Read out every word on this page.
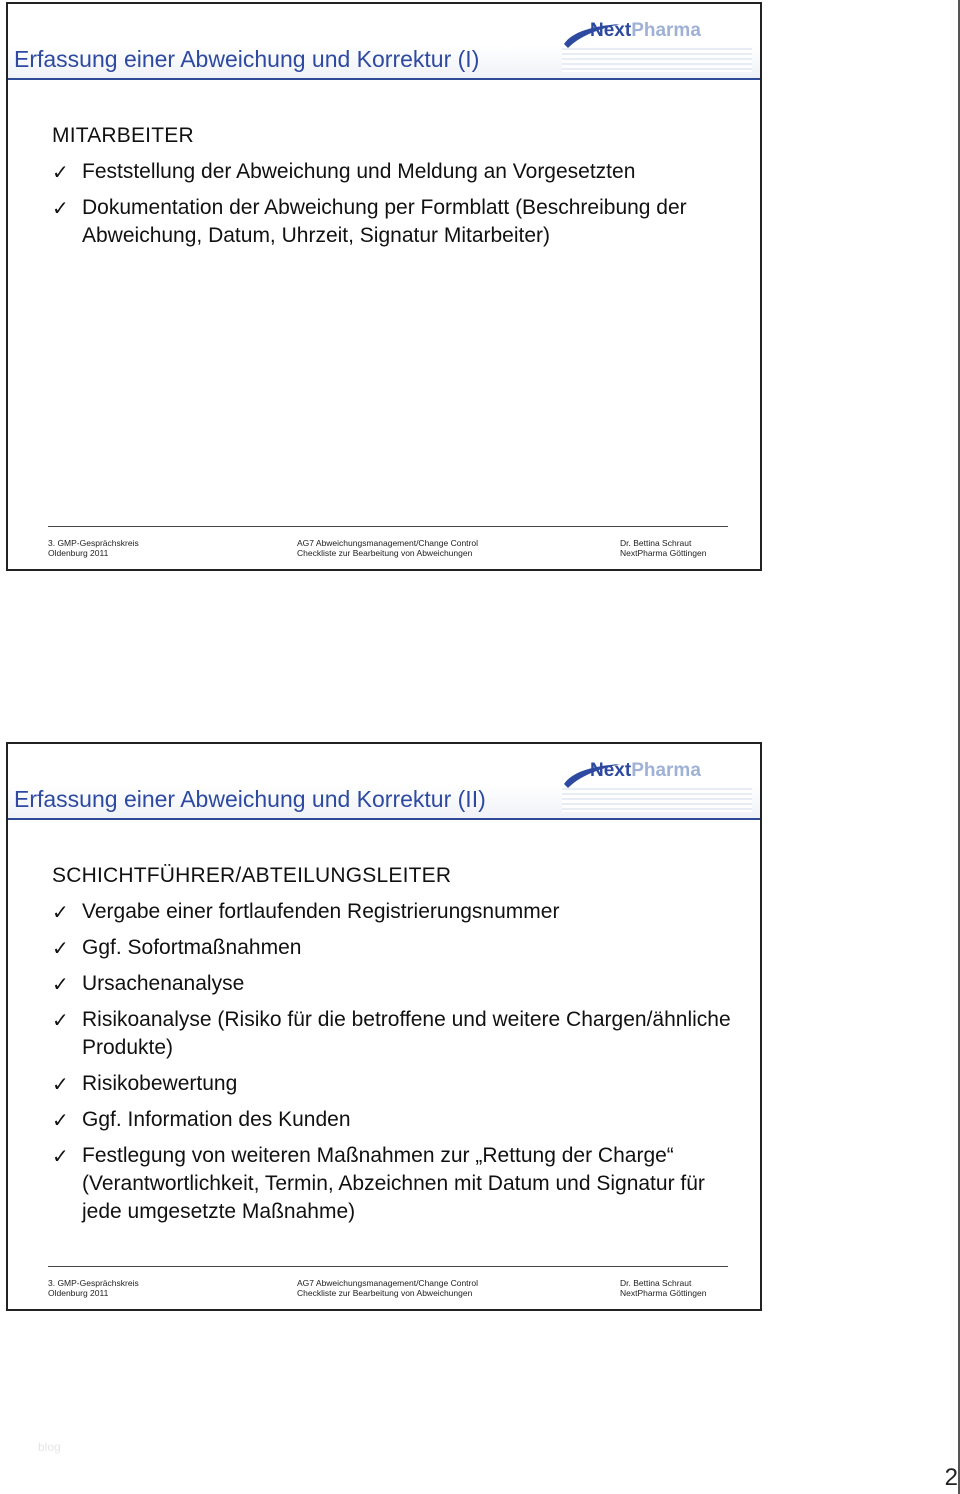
Erfassung einer Abweichung und Korrektur (I)
NextPharma
MITARBEITER
✓ Feststellung der Abweichung und Meldung an Vorgesetzten
✓ Dokumentation der Abweichung per Formblatt (Beschreibung der Abweichung, Datum, Uhrzeit, Signatur Mitarbeiter)
3. GMP-Gesprächskreis
Oldenburg 2011
AG7 Abweichungsmanagement/Change Control
Checkliste zur Bearbeitung von Abweichungen
Dr. Bettina Schraut
NextPharma Göttingen
Erfassung einer Abweichung und Korrektur (II)
NextPharma
SCHICHTFÜHRER/ABTEILUNGSLEITER
✓ Vergabe einer fortlaufenden Registrierungsnummer
✓ Ggf. Sofortmaßnahmen
✓ Ursachenanalyse
✓ Risikoanalyse (Risiko für die betroffene und weitere Chargen/ähnliche Produkte)
✓ Risikobewertung
✓ Ggf. Information des Kunden
✓ Festlegung von weiteren Maßnahmen zur „Rettung der Charge“ (Verantwortlichkeit, Termin, Abzeichnen mit Datum und Signatur für jede umgesetzte Maßnahme)
3. GMP-Gesprächskreis
Oldenburg 2011
AG7 Abweichungsmanagement/Change Control
Checkliste zur Bearbeitung von Abweichungen
Dr. Bettina Schraut
NextPharma Göttingen
blog
2
